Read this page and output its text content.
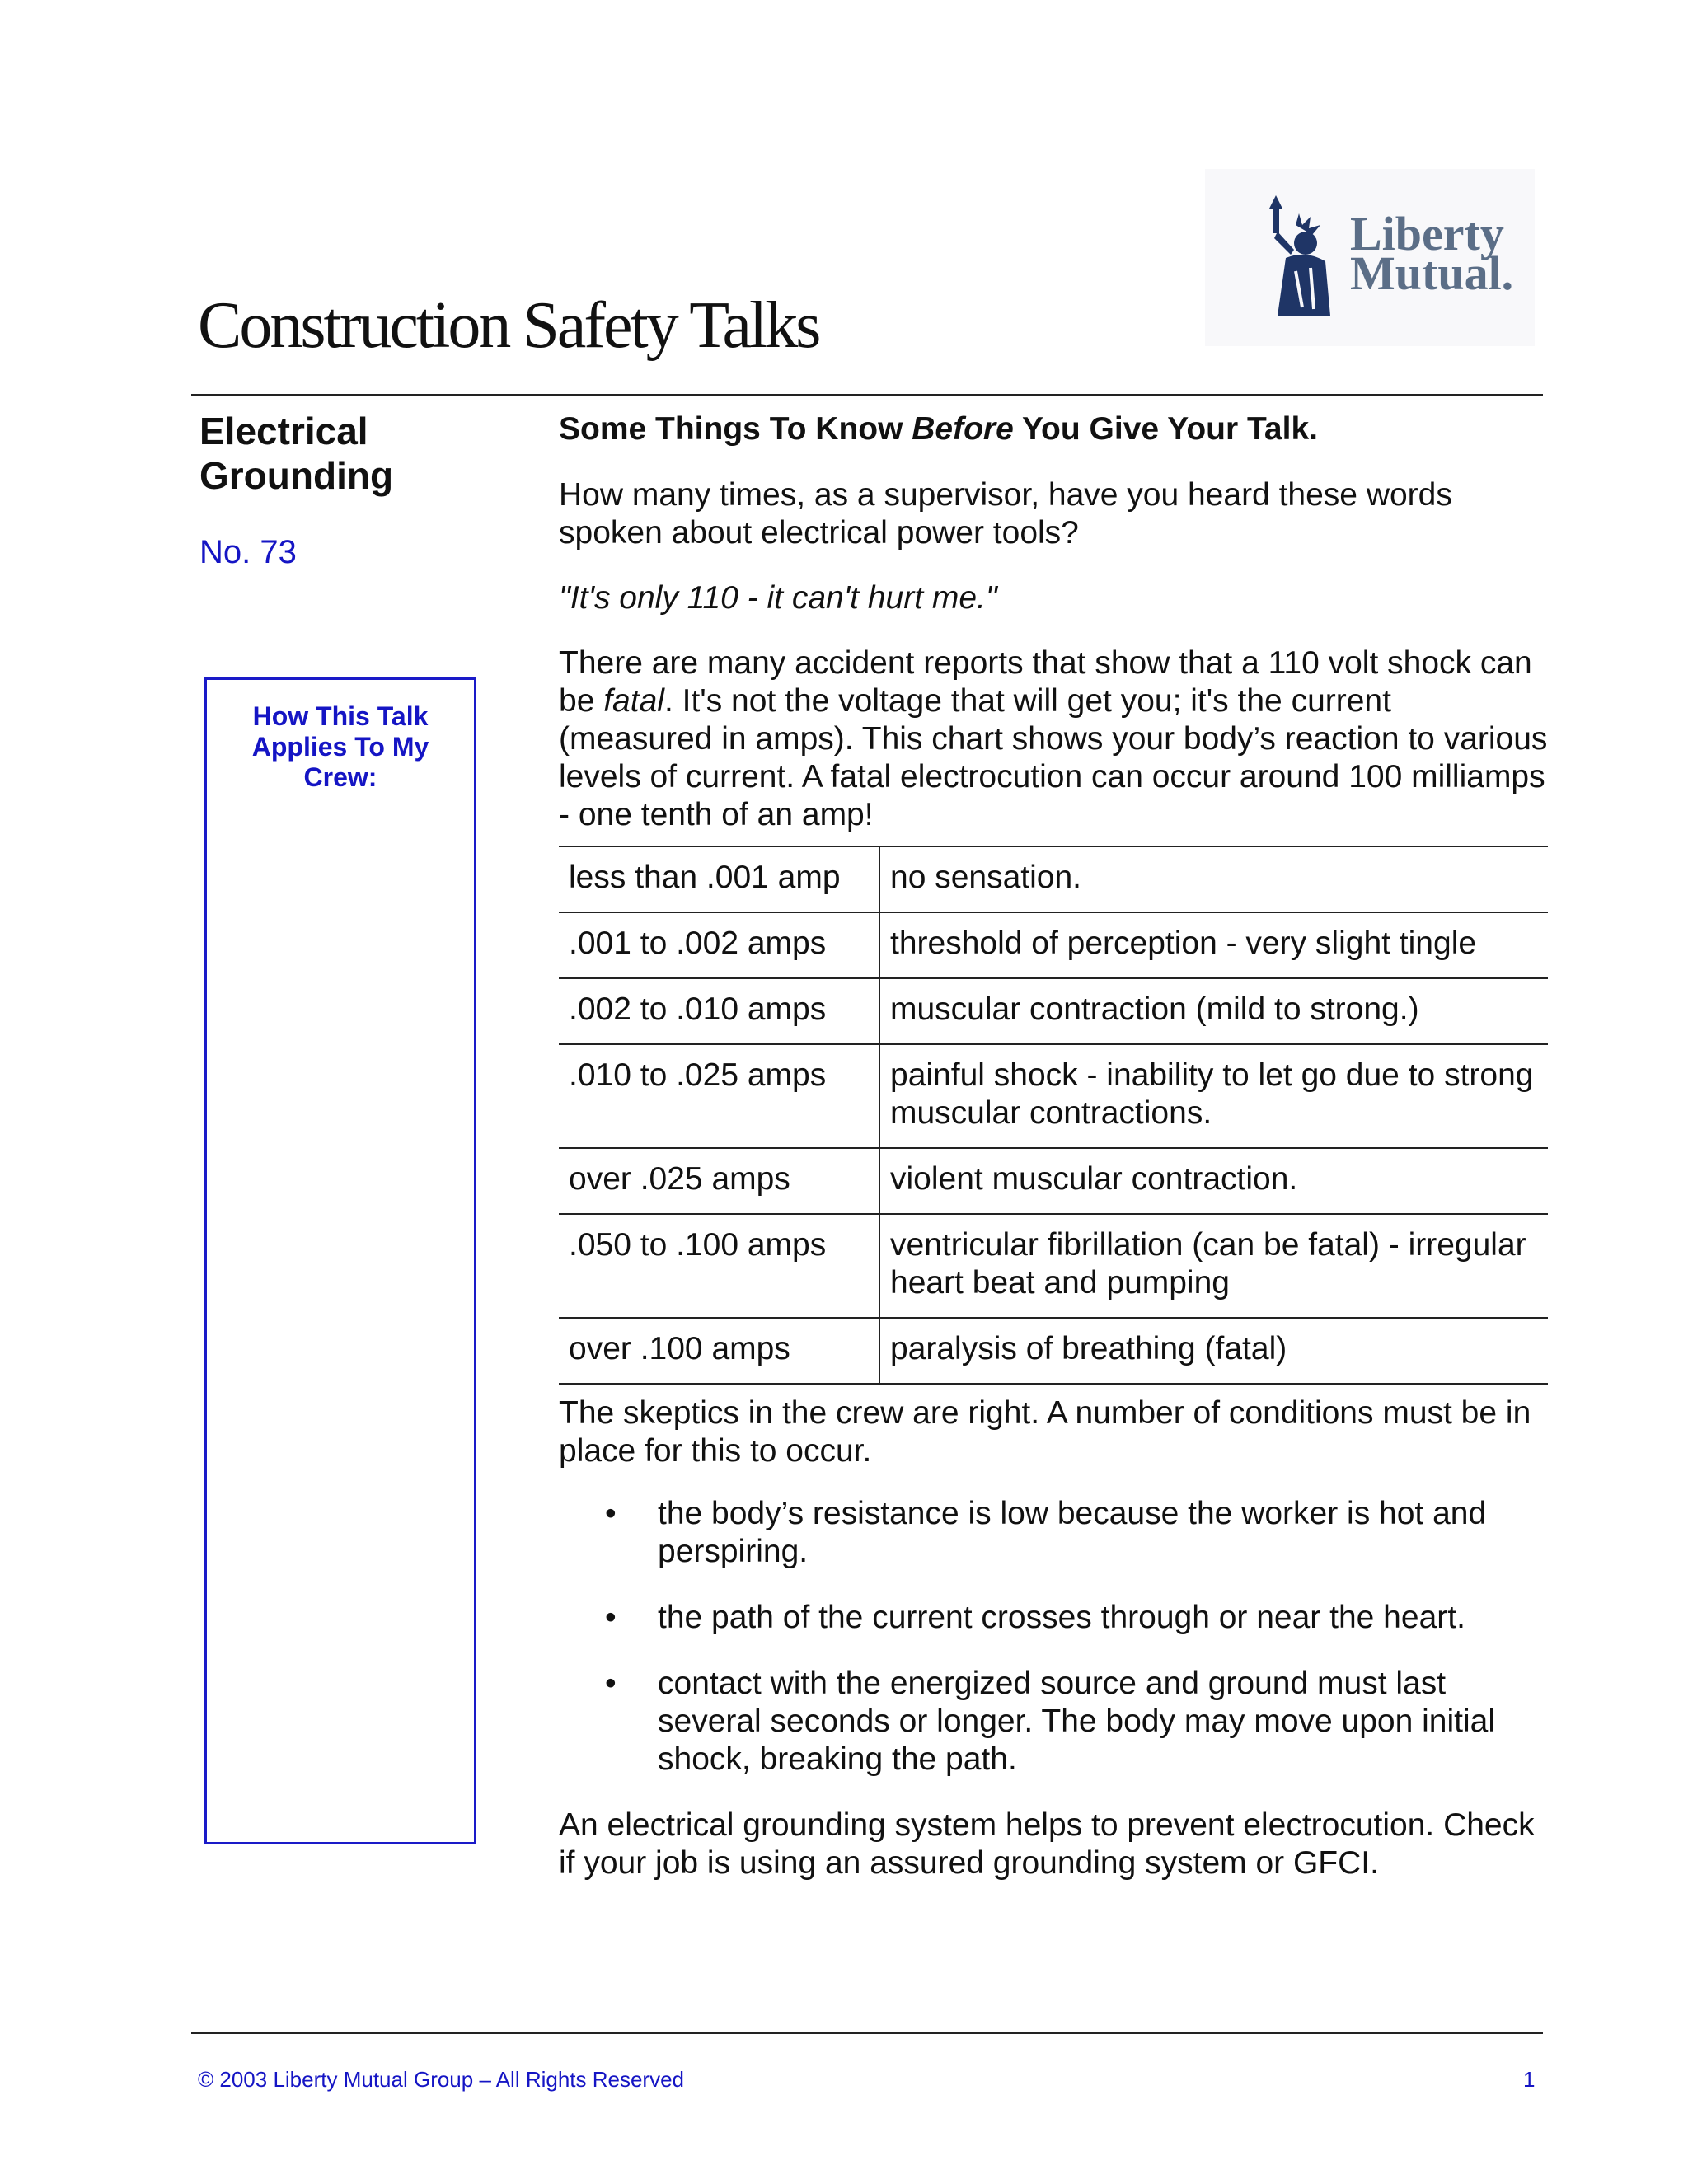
Liberty
Mutual.
Construction Safety Talks
Electrical
Grounding
No. 73
How This Talk Applies To My Crew:

Some Things To Know Before You Give Your Talk.

How many times, as a supervisor, have you heard these words spoken about electrical power tools?

"It's only 110 - it can't hurt me."

There are many accident reports that show that a 110 volt shock can be fatal. It's not the voltage that will get you; it's the current (measured in amps). This chart shows your body’s reaction to various levels of current. A fatal electrocution can occur around 100 milliamps - one tenth of an amp!

less than .001 amp	no sensation.
.001 to .002 amps	threshold of perception - very slight tingle
.002 to .010 amps	muscular contraction (mild to strong.)
.010 to .025 amps	painful shock - inability to let go due to strong muscular contractions.
over .025 amps	violent muscular contraction.
.050 to .100 amps	ventricular fibrillation (can be fatal) - irregular heart beat and pumping
over .100 amps	paralysis of breathing (fatal)

The skeptics in the crew are right. A number of conditions must be in place for this to occur.

• the body’s resistance is low because the worker is hot and perspiring.
• the path of the current crosses through or near the heart.
• contact with the energized source and ground must last several seconds or longer. The body may move upon initial shock, breaking the path.

An electrical grounding system helps to prevent electrocution. Check if your job is using an assured grounding system or GFCI.

© 2003 Liberty Mutual Group – All Rights Reserved	1
